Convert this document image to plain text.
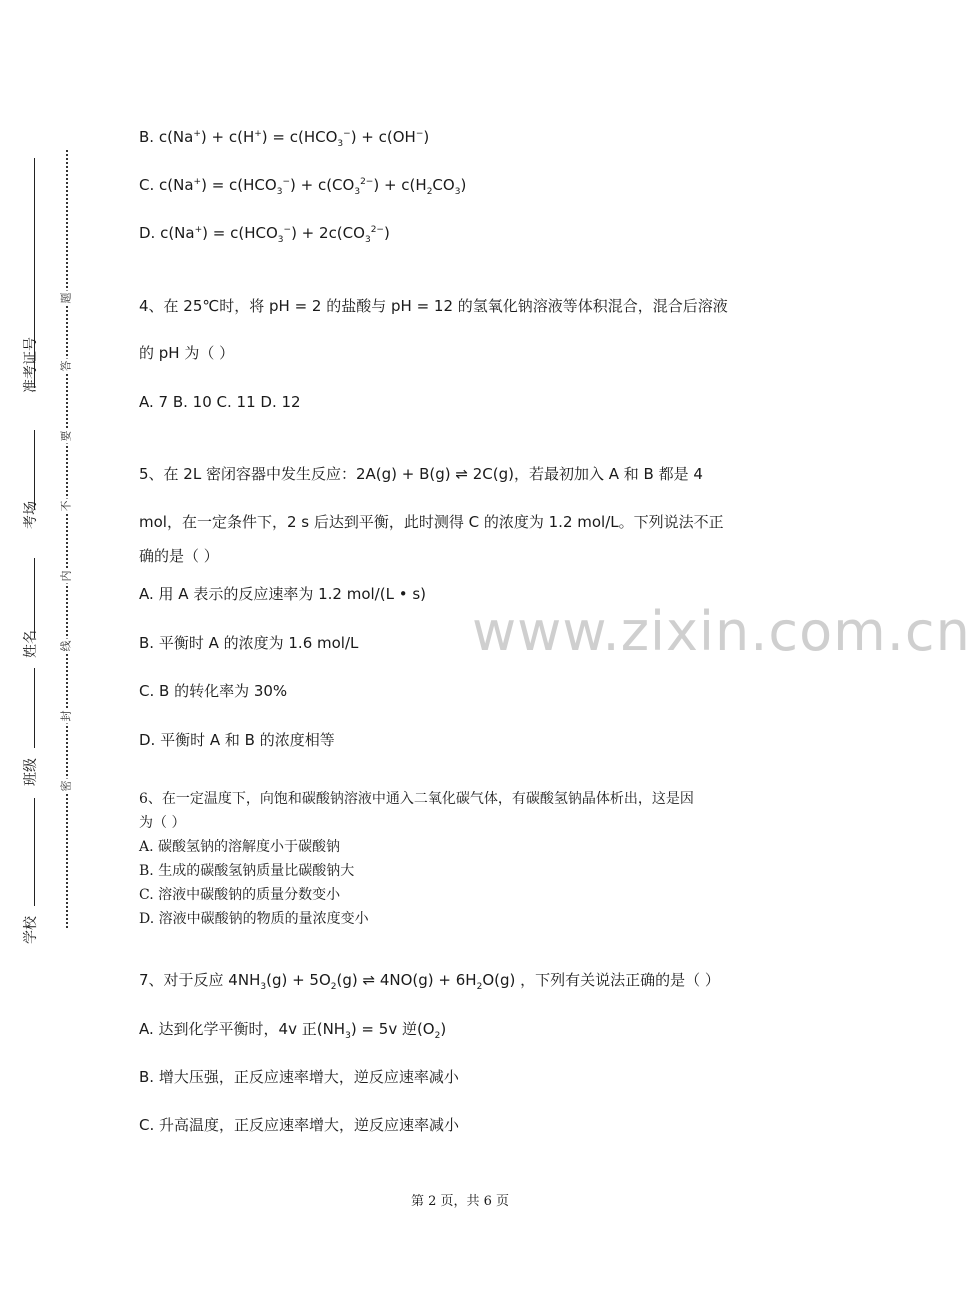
学校
班级
姓名
考场
准考证号
题
答
要
不
内
线
封
密
www.zixin.com.cn
B. $c(Na^+) + c(H^+) = c(HCO_3^-) + c(OH^-)$
C. $c(Na^+) = c(HCO_3^-) + c(CO_3^{2-}) + c(H_2CO_3)$
D. $c(Na^+) = c(HCO_3^-) + 2c(CO_3^{2-})$
4、在 25℃时，将 pH = 2 的盐酸与 pH = 12 的氢氧化钠溶液等体积混合，混合后溶液
的 pH 为（ ）
A. 7 B. 10 C. 11 D. 12
5、在 2L 密闭容器中发生反应：2A(g) + B(g) ⇌ 2C(g)，若最初加入 A 和 B 都是 4
mol，在一定条件下，2 s 后达到平衡，此时测得 C 的浓度为 1.2 mol/L。下列说法不正
确的是（ ）
A. 用 A 表示的反应速率为 1.2 mol/(L • s)
B. 平衡时 A 的浓度为 1.6 mol/L
C. B 的转化率为 30%
D. 平衡时 A 和 B 的浓度相等
6、在一定温度下，向饱和碳酸钠溶液中通入二氧化碳气体，有碳酸氢钠晶体析出，这是因
为（ ）
A. 碳酸氢钠的溶解度小于碳酸钠
B. 生成的碳酸氢钠质量比碳酸钠大
C. 溶液中碳酸钠的质量分数变小
D. 溶液中碳酸钠的物质的量浓度变小
7、对于反应 $4NH_3(g) + 5O_2(g)$ ⇌ $4NO(g) + 6H_2O(g)$ ，下列有关说法正确的是（ ）
A. 达到化学平衡时，4v 正$(NH_3) = 5v$ 逆$(O_2)$
B. 增大压强，正反应速率增大，逆反应速率减小
C. 升高温度，正反应速率增大，逆反应速率减小
第 2 页，共 6 页
